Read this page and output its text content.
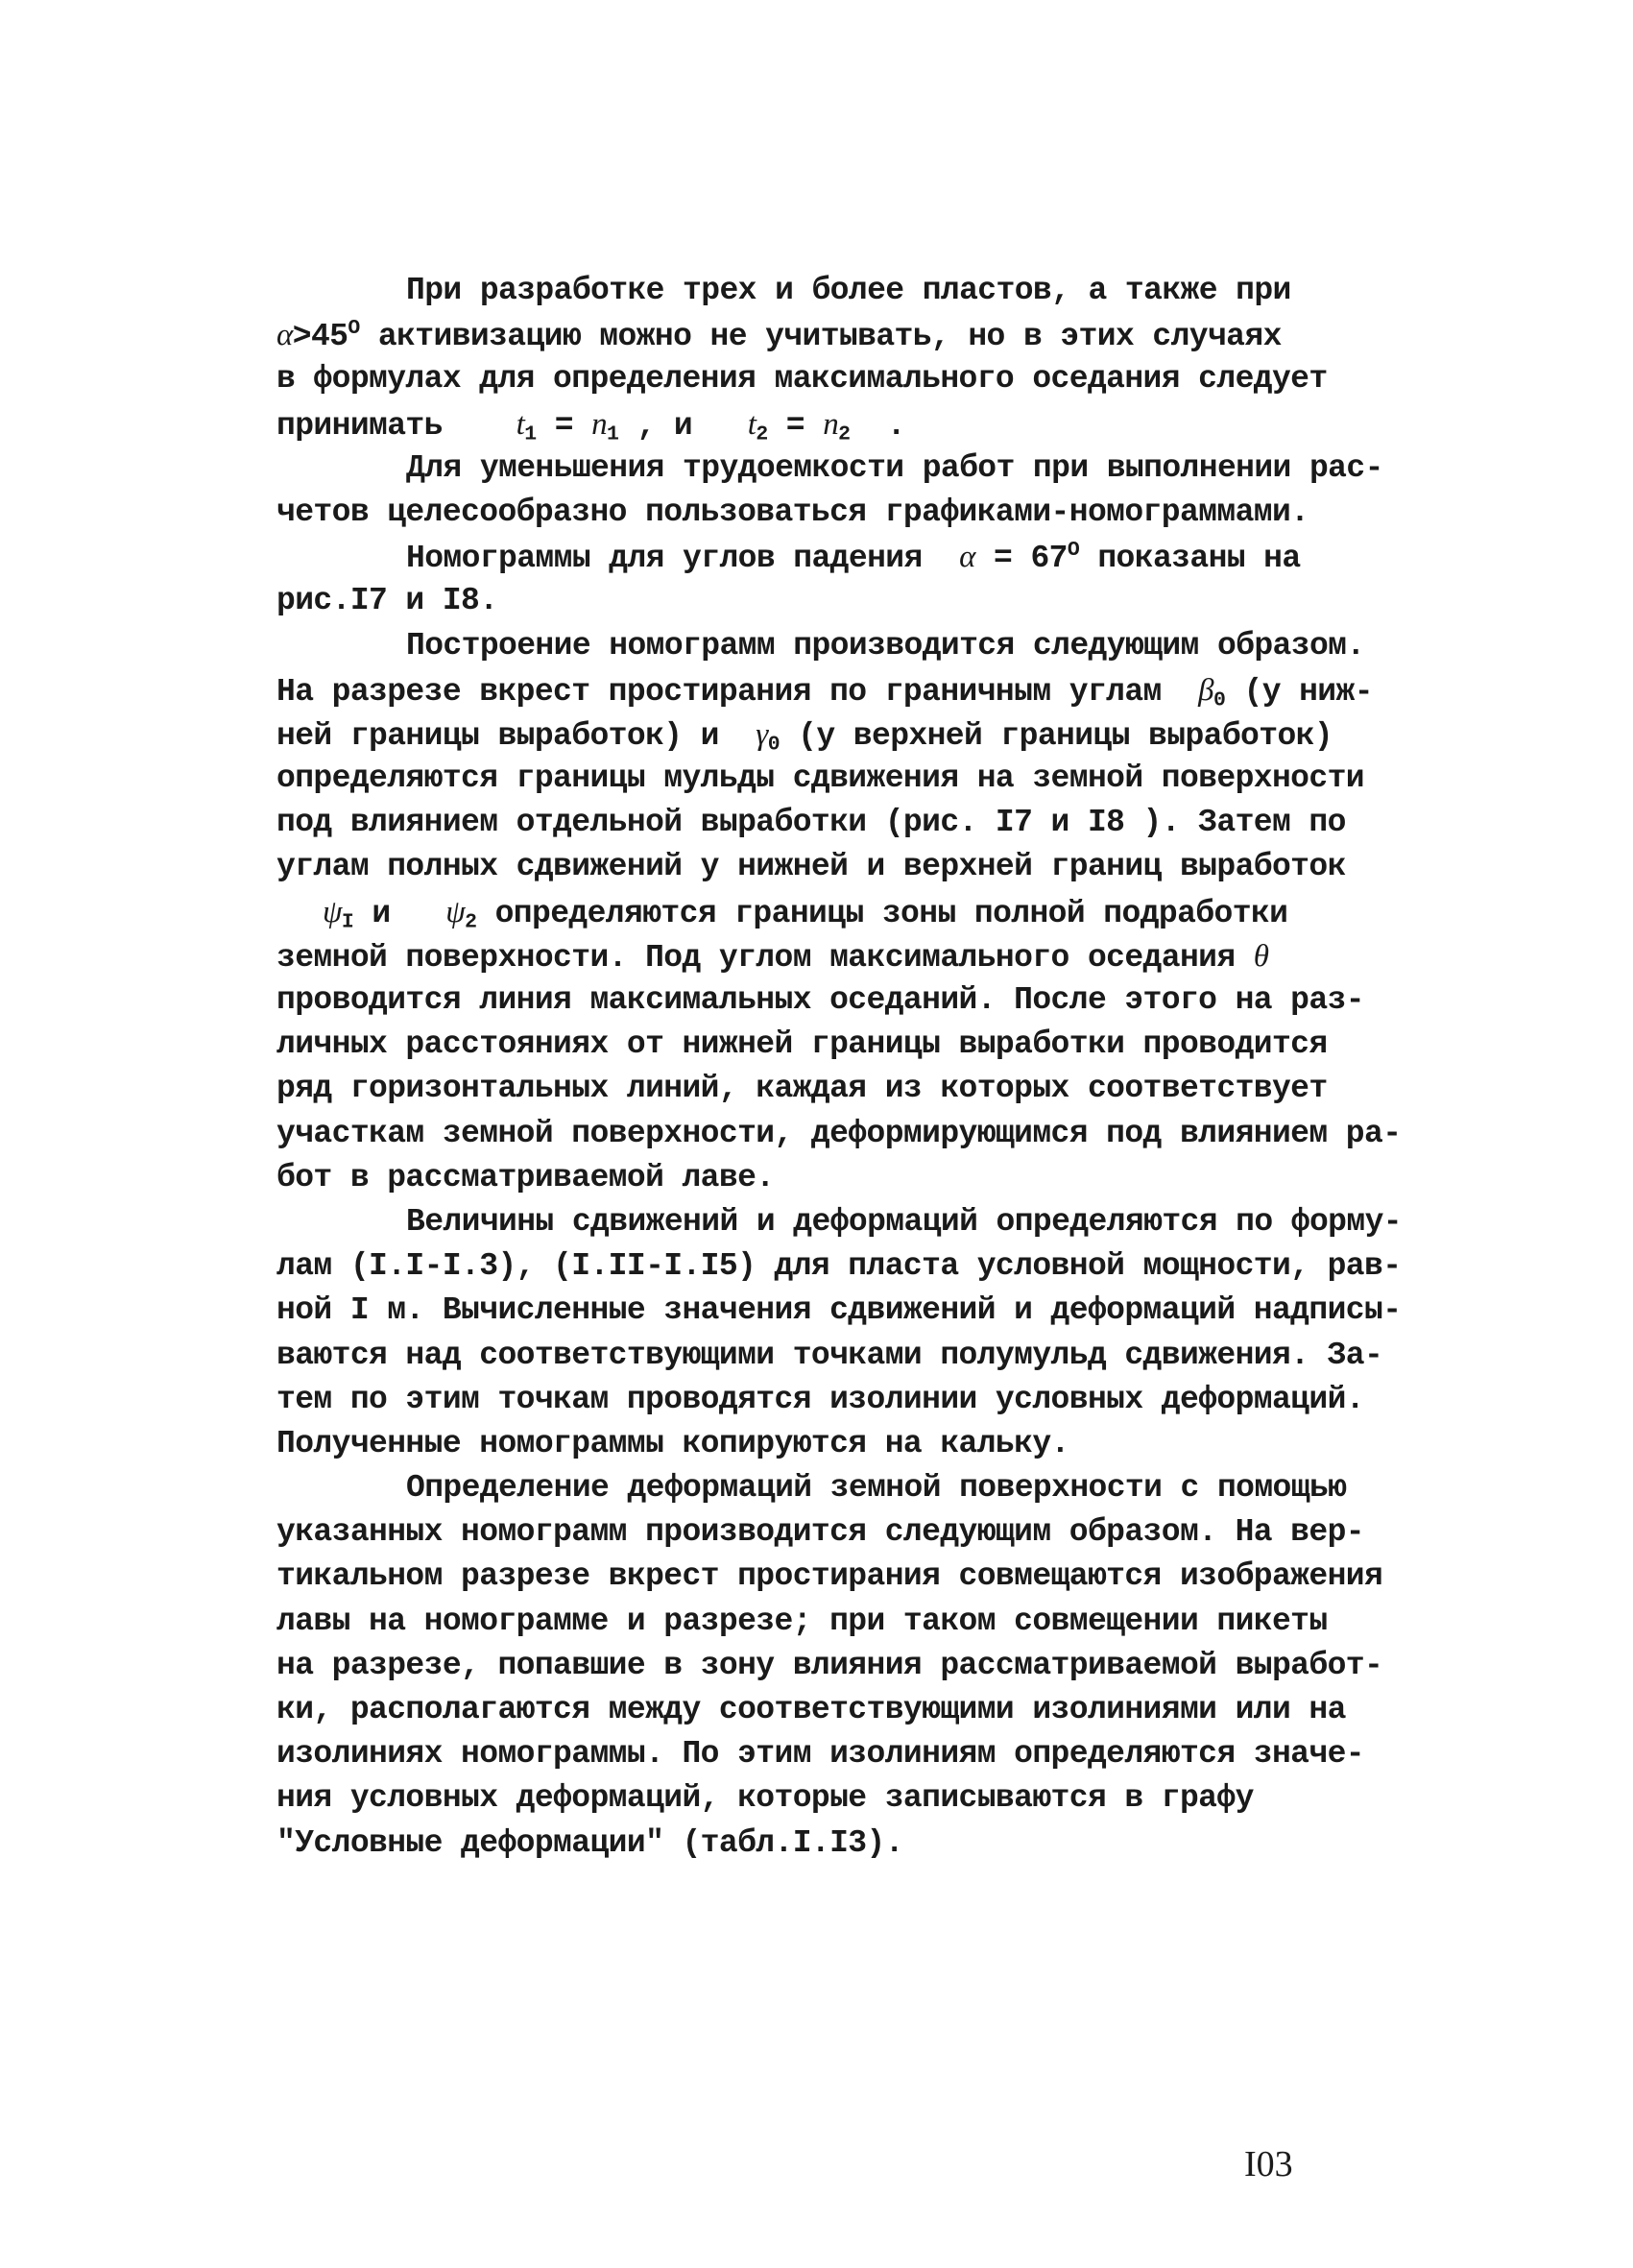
При разработке трех и более пластов, а также при
$\alpha>45^О$ активизацию можно не учитывать, но в этих случаях
в формулах для определения максимального оседания следует
принимать    $t_1 = n_1$ , и   $t_2 = n_2$  .
Для уменьшения трудоемкости работ при выполнении рас-
четов целесообразно пользоваться графиками-номограммами.
Номограммы для углов падения  $\alpha = 67^О$ показаны на
рис.I7 и I8.
Построение номограмм производится следующим образом.
На разрезе вкрест простирания по граничным углам  $\beta_0$ (у ниж-
ней границы выработок) и  $\gamma_0$ (у верхней границы выработок)
определяются границы мульды сдвижения на земной поверхности
под влиянием отдельной выработки (рис. I7 и I8 ). Затем по
углам полных сдвижений у нижней и верхней границ выработок
$\psi_I$ и   $\psi_2$ определяются границы зоны полной подработки
земной поверхности. Под углом максимального оседания θ
проводится линия максимальных оседаний. После этого на раз-
личных расстояниях от нижней границы выработки проводится
ряд горизонтальных линий, каждая из которых соответствует
участкам земной поверхности, деформирующимся под влиянием ра-
бот в рассматриваемой лаве.
Величины сдвижений и деформаций определяются по форму-
лам (I.I-I.3), (I.II-I.I5) для пласта условной мощности, рав-
ной I м. Вычисленные значения сдвижений и деформаций надписы-
ваются над соответствующими точками полумульд сдвижения. За-
тем по этим точкам проводятся изолинии условных деформаций.
Полученные номограммы копируются на кальку.
Определение деформаций земной поверхности с помощью
указанных номограмм производится следующим образом. На вер-
тикальном разрезе вкрест простирания совмещаются изображения
лавы на номограмме и разрезе; при таком совмещении пикеты
на разрезе, попавшие в зону влияния рассматриваемой выработ-
ки, располагаются между соответствующими изолиниями или на
изолиниях номограммы. По этим изолиниям определяются значе-
ния условных деформаций, которые записываются в графу
"Условные деформации" (табл.I.I3).
I03
